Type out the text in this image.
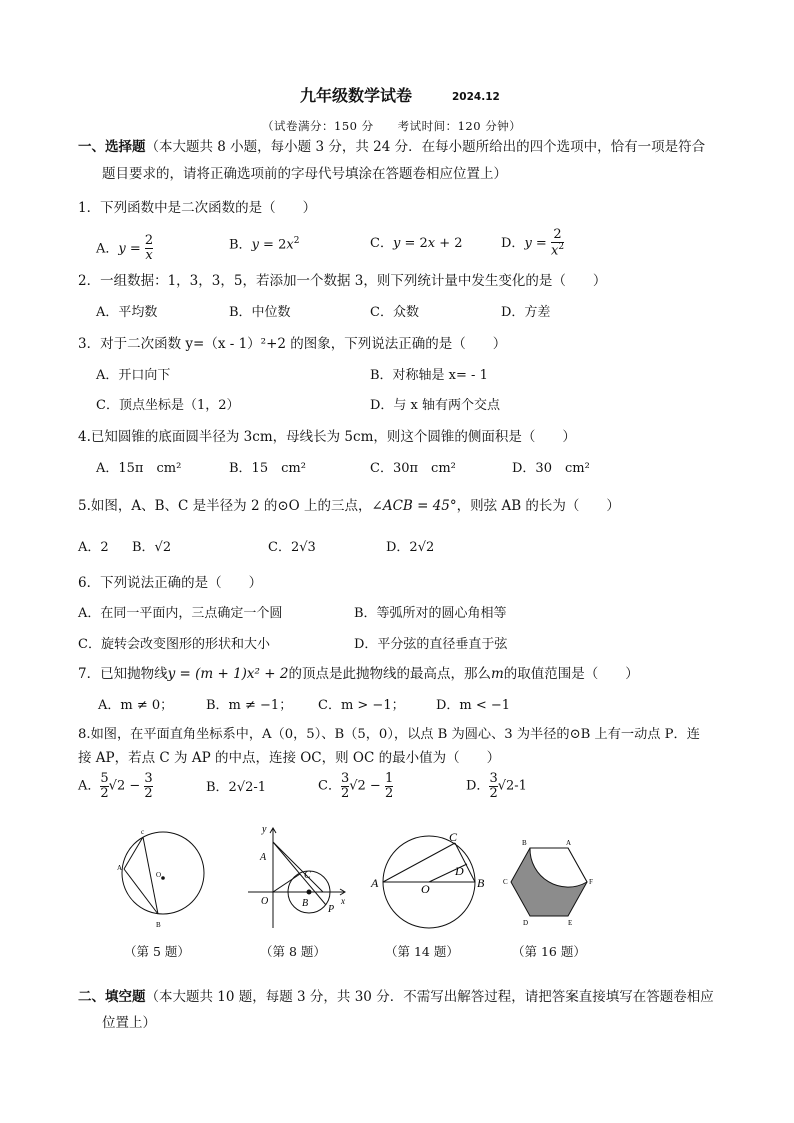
九年级数学试卷	2024.12
（试卷满分：150 分　　考试时间：120 分钟）
一、选择题（本大题共 8 小题，每小题 3 分，共 24 分．在每小题所给出的四个选项中，恰有一项是符合
题目要求的，请将正确选项前的字母代号填涂在答题卷相应位置上）
1．下列函数中是二次函数的是（　　）
A．$y = \frac{2}{x}$	B．$y = 2x^2$	C．y = 2x + 2	D．$y = \frac{2}{x^2}$
2．一组数据：1，3，3，5，若添加一个数据 3，则下列统计量中发生变化的是（　　）
A．平均数	B．中位数	C．众数	D．方差
3．对于二次函数 y=（x - 1）²+2 的图象，下列说法正确的是（　　）
A．开口向下	B．对称轴是 x= - 1
C．顶点坐标是（1，2）	D．与 x 轴有两个交点
4.已知圆锥的底面圆半径为 3cm，母线长为 5cm，则这个圆锥的侧面积是（　　）
A．15π　cm²	B．15　cm²	C．30π　cm²	D．30　cm²
5.如图，A、B、C 是半径为 2 的⊙O 上的三点，∠ACB = 45°，则弦 AB 的长为（　　）
A．2 B．√2	C．2√3	D．2√2
6．下列说法正确的是（　　）
A．在同一平面内，三点确定一个圆	B．等弧所对的圆心角相等
C．旋转会改变图形的形状和大小	D．平分弦的直径垂直于弦
7．已知抛物线y = (m + 1)x² + 2的顶点是此抛物线的最高点，那么m的取值范围是（　　）
A．m ≠ 0；	B．m ≠ −1； C．m > −1； D．m < −1
8.如图，在平面直角坐标系中，A（0，5）、B（5，0），以点 B 为圆心、3 为半径的⊙B 上有一动点 P．连
接 AP，若点 C 为 AP 的中点，连接 OC，则 OC 的最小值为（　　）
A． $\frac{5}{2} √2 - \frac{3}{2}$	B．2√2-1	C． $\frac{3}{2} √2 - \frac{1}{2}$	D． $\frac{3}{2} √2-1$
c
A
O
B
y
A
C
O	B
P
x
C
A	O
D
B
B	A
C	F
D	E
（第 5 题）	（第 8 题）	（第 14 题）	（第 16 题）
二、填空题（本大题共 10 题，每题 3 分，共 30 分．不需写出解答过程，请把答案直接填写在答题卷相应
位置上）
